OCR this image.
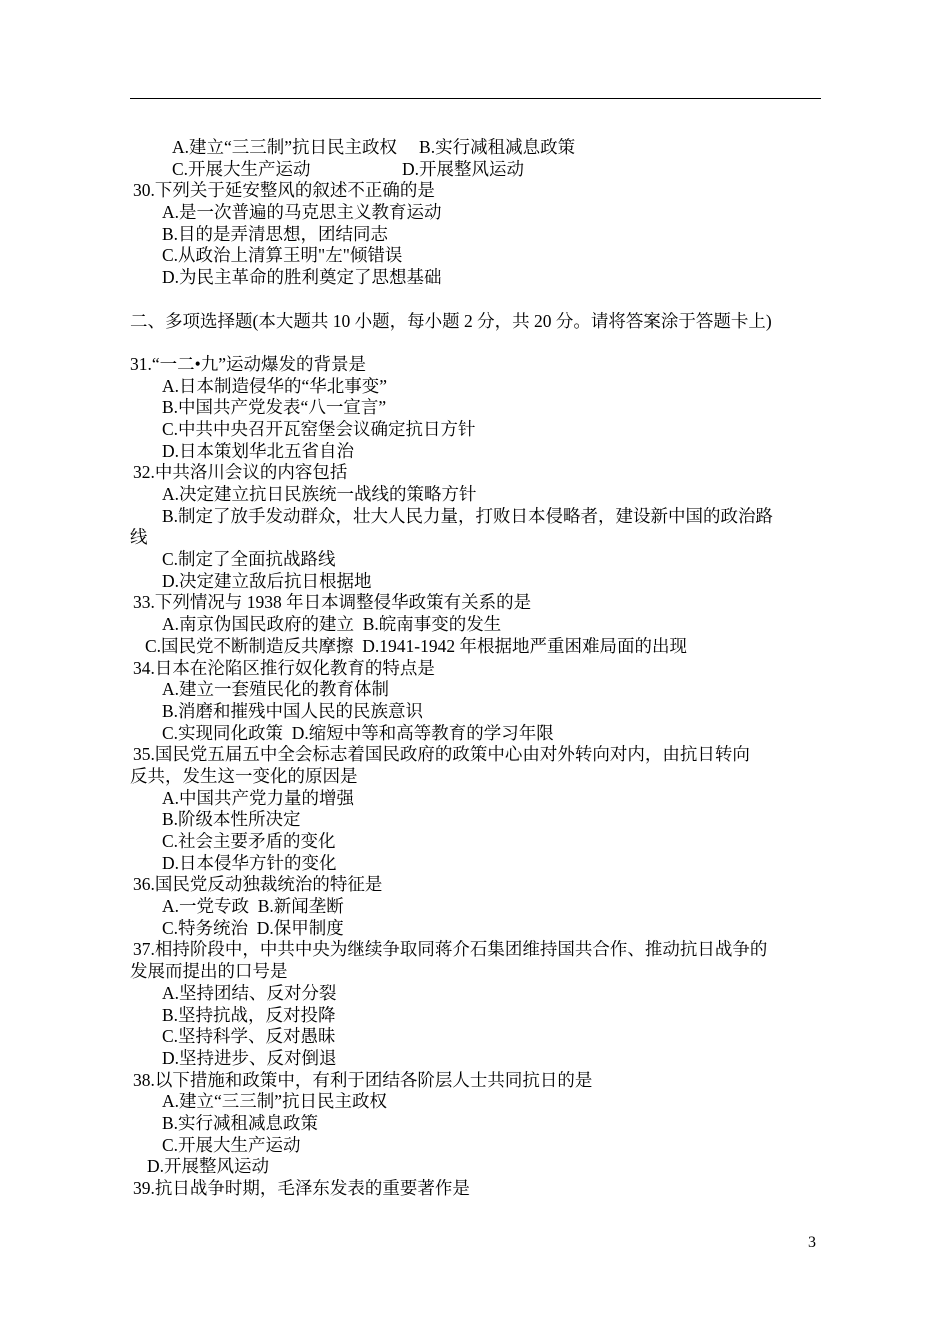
A.建立“三三制”抗日民主政权 B.实行减租减息政策
C.开展大生产运动	D.开展整风运动
30.下列关于延安整风的叙述不正确的是
A.是一次普遍的马克思主义教育运动
B.目的是弄清思想，团结同志
C.从政治上清算王明"左"倾错误
D.为民主革命的胜利奠定了思想基础
二、多项选择题(本大题共 10 小题，每小题 2 分，共 20 分。请将答案涂于答题卡上)
31.“一二•九”运动爆发的背景是
A.日本制造侵华的“华北事变”
B.中国共产党发表“八一宣言”
C.中共中央召开瓦窑堡会议确定抗日方针
D.日本策划华北五省自治
32.中共洛川会议的内容包括
A.决定建立抗日民族统一战线的策略方针
B.制定了放手发动群众，壮大人民力量，打败日本侵略者，建设新中国的政治路
线
C.制定了全面抗战路线
D.决定建立敌后抗日根据地
33.下列情况与 1938 年日本调整侵华政策有关系的是
A.南京伪国民政府的建立  B.皖南事变的发生
C.国民党不断制造反共摩擦  D.1941-1942 年根据地严重困难局面的出现
34.日本在沦陷区推行奴化教育的特点是
A.建立一套殖民化的教育体制
B.消磨和摧残中国人民的民族意识
C.实现同化政策  D.缩短中等和高等教育的学习年限
35.国民党五届五中全会标志着国民政府的政策中心由对外转向对内，由抗日转向
反共，发生这一变化的原因是
A.中国共产党力量的增强
B.阶级本性所决定
C.社会主要矛盾的变化
D.日本侵华方针的变化
36.国民党反动独裁统治的特征是
A.一党专政  B.新闻垄断
C.特务统治  D.保甲制度
37.相持阶段中，中共中央为继续争取同蒋介石集团维持国共合作、推动抗日战争的
发展而提出的口号是
A.坚持团结、反对分裂
B.坚持抗战，反对投降
C.坚持科学、反对愚昧
D.坚持进步、反对倒退
38.以下措施和政策中，有利于团结各阶层人士共同抗日的是
A.建立“三三制”抗日民主政权
B.实行减租减息政策
C.开展大生产运动
D.开展整风运动
39.抗日战争时期，毛泽东发表的重要著作是
3
